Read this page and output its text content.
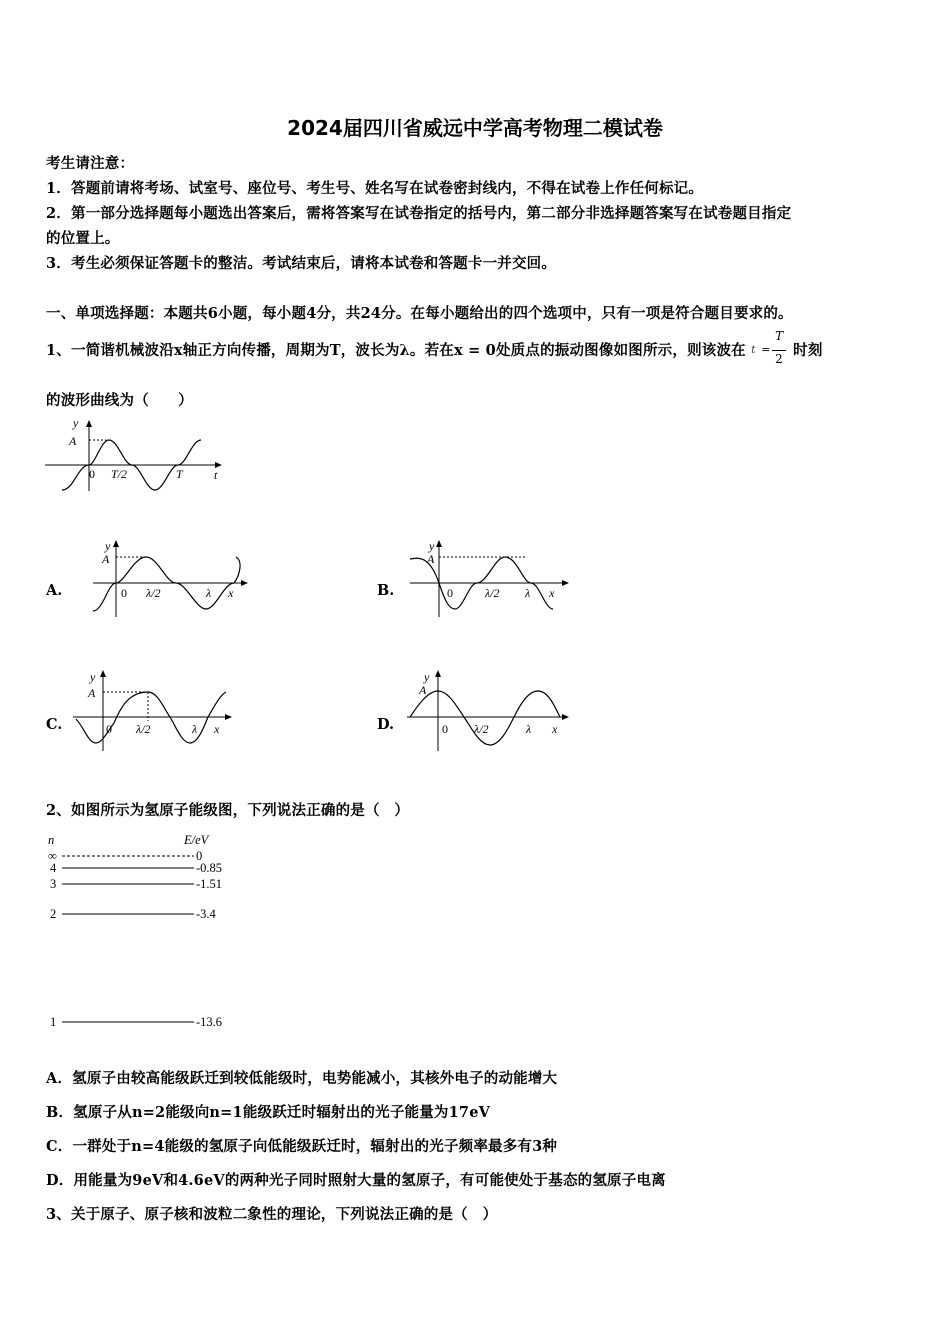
2024届四川省威远中学高考物理二模试卷
考生请注意：
1．答题前请将考场、试室号、座位号、考生号、姓名写在试卷密封线内，不得在试卷上作任何标记。
2．第一部分选择题每小题选出答案后，需将答案写在试卷指定的括号内，第二部分非选择题答案写在试卷题目指定
的位置上。
3．考生必须保证答题卡的整洁。考试结束后，请将本试卷和答题卡一并交回。
一、单项选择题：本题共6小题，每小题4分，共24分。在每小题给出的四个选项中，只有一项是符合题目要求的。
1、一简谐机械波沿x轴正方向传播，周期为T，波长为λ。若在x = 0处质点的振动图像如图所示，则该波在 t =
T
2 时刻
的波形曲线为（　　）
y
A
0 T/2	T	t
A.
y
A
0 λ/2	λ x	B.
y
A
0	λ/2 λ x
C.
y
A
0 λ/2	λ x	D.
y
A
0 λ/2	λ x
2、如图所示为氢原子能级图，下列说法正确的是（　）
n	E/eV
∞	0
4	-0.85
3	-1.51
2	-3.4
1	-13.6
A．氢原子由较高能级跃迁到较低能级时，电势能减小，其核外电子的动能增大
B．氢原子从n=2能级向n=1能级跃迁时辐射出的光子能量为17eV
C．一群处于n=4能级的氢原子向低能级跃迁时，辐射出的光子频率最多有3种
D．用能量为9eV和4.6eV的两种光子同时照射大量的氢原子，有可能使处于基态的氢原子电离
3、关于原子、原子核和波粒二象性的理论，下列说法正确的是（　）
